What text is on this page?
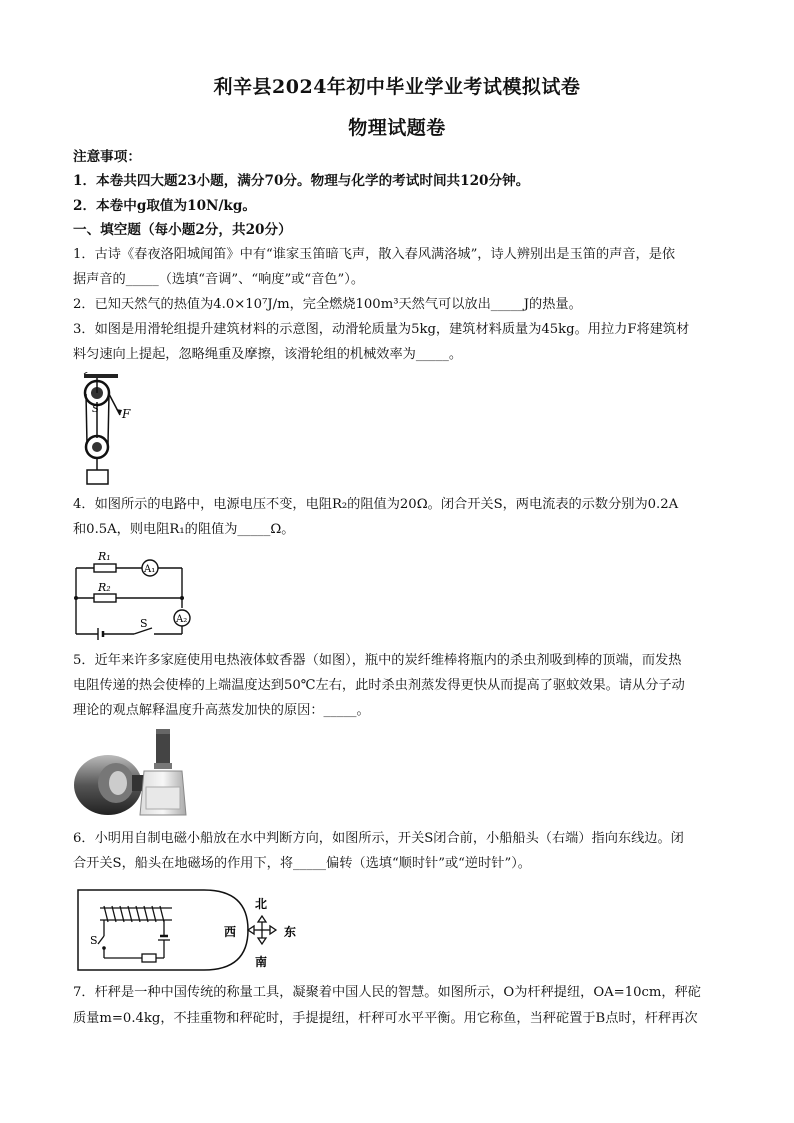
利辛县2024年初中毕业学业考试模拟试卷
物理试题卷
注意事项：
1．本卷共四大题23小题，满分70分。物理与化学的考试时间共120分钟。
2．本卷中g取值为10N/kg。
一、填空题（每小题2分，共20分）
1．古诗《春夜洛阳城闻笛》中有“谁家玉笛暗飞声，散入春风满洛城”，诗人辨别出是玉笛的声音，是依
据声音的_____（选填“音调”、“响度”或“音色”）。
2．已知天然气的热值为4.0×10⁷J/m，完全燃烧100m³天然气可以放出_____J的热量。
3．如图是用滑轮组提升建筑材料的示意图，动滑轮质量为5kg，建筑材料质量为45kg。用拉力F将建筑材
料匀速向上提起，忽略绳重及摩擦，该滑轮组的机械效率为_____。
S F
4．如图所示的电路中，电源电压不变，电阻R₂的阻值为20Ω。闭合开关S，两电流表的示数分别为0.2A
和0.5A，则电阻R₁的阻值为_____Ω。
R₁
R₂
A₁
A₂
S
5．近年来许多家庭使用电热液体蚊香器（如图），瓶中的炭纤维棒将瓶内的杀虫剂吸到棒的顶端，而发热
电阻传递的热会使棒的上端温度达到50℃左右，此时杀虫剂蒸发得更快从而提高了驱蚊效果。请从分子动
理论的观点解释温度升高蒸发加快的原因：_____。
6．小明用自制电磁小船放在水中判断方向，如图所示，开关S闭合前，小船船头（右端）指向东线边。闭
合开关S，船头在地磁场的作用下，将_____偏转（选填“顺时针”或“逆时针”）。
S
北
南
西	东
7．杆秤是一种中国传统的称量工具，凝聚着中国人民的智慧。如图所示，O为杆秤提纽，OA=10cm，秤砣
质量m=0.4kg，不挂重物和秤砣时，手提提纽，杆秤可水平平衡。用它称鱼，当秤砣置于B点时，杆秤再次
